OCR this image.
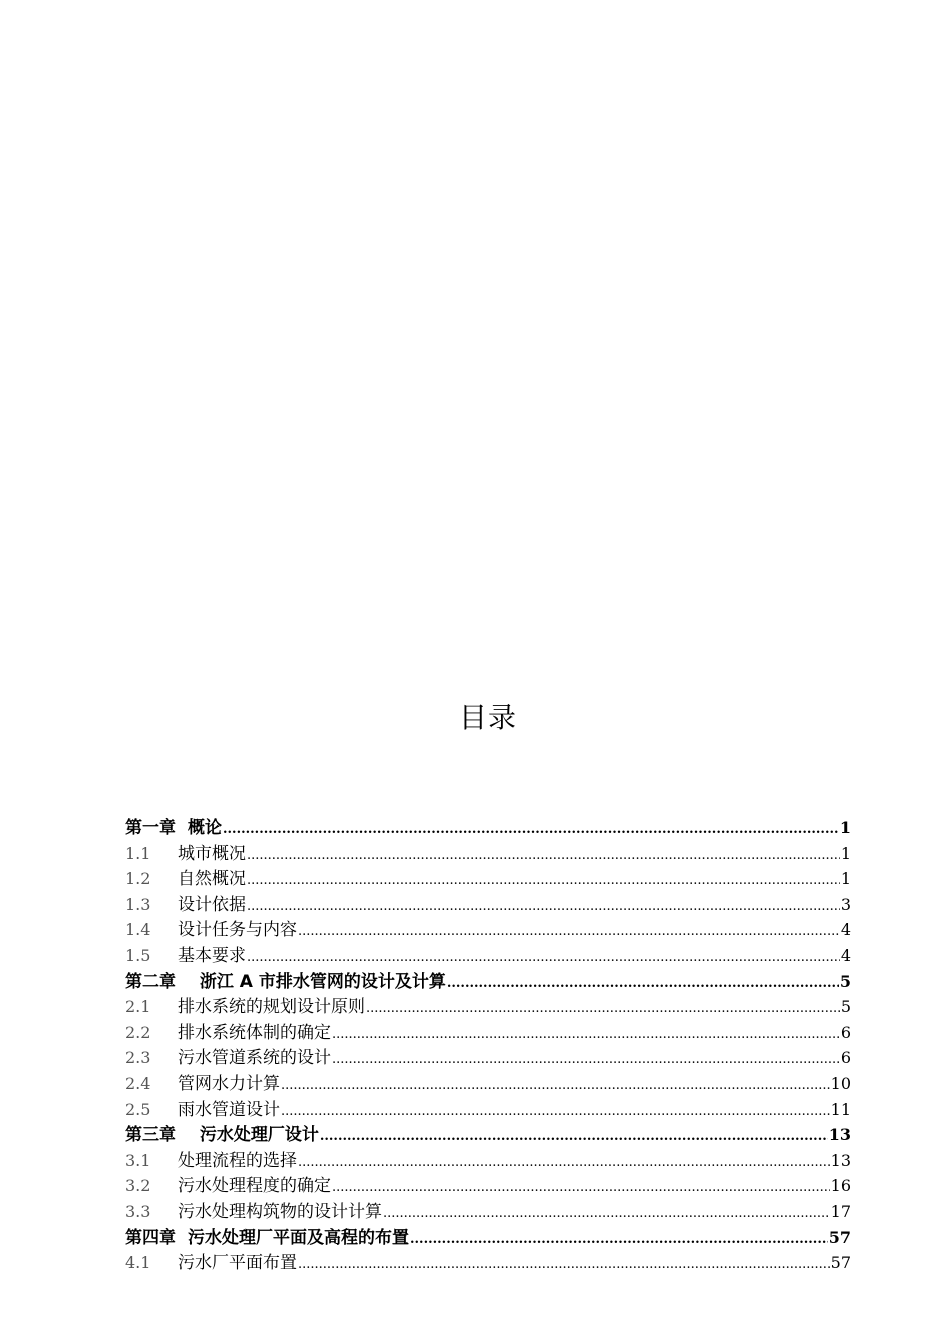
目录
第一章 概论 .....	1
1.1	城市概况 .....	1
1.2	自然概况 .....	1
1.3	设计依据 .....	3
1.4	设计任务与内容 .....	4
1.5	基本要求 .....	4
第二章 浙江 A 市排水管网的设计及计算 .....	5
2.1	排水系统的规划设计原则 .....	5
2.2	排水系统体制的确定 .....	6
2.3	污水管道系统的设计 .....	6
2.4	管网水力计算 .....	10
2.5	雨水管道设计 .....	11
第三章 污水处理厂设计 .....	13
3.1	处理流程的选择 .....	13
3.2	污水处理程度的确定 .....	16
3.3	污水处理构筑物的设计计算 .....	17
第四章 污水处理厂平面及高程的布置 .....	57
4.1	污水厂平面布置 .....	57
